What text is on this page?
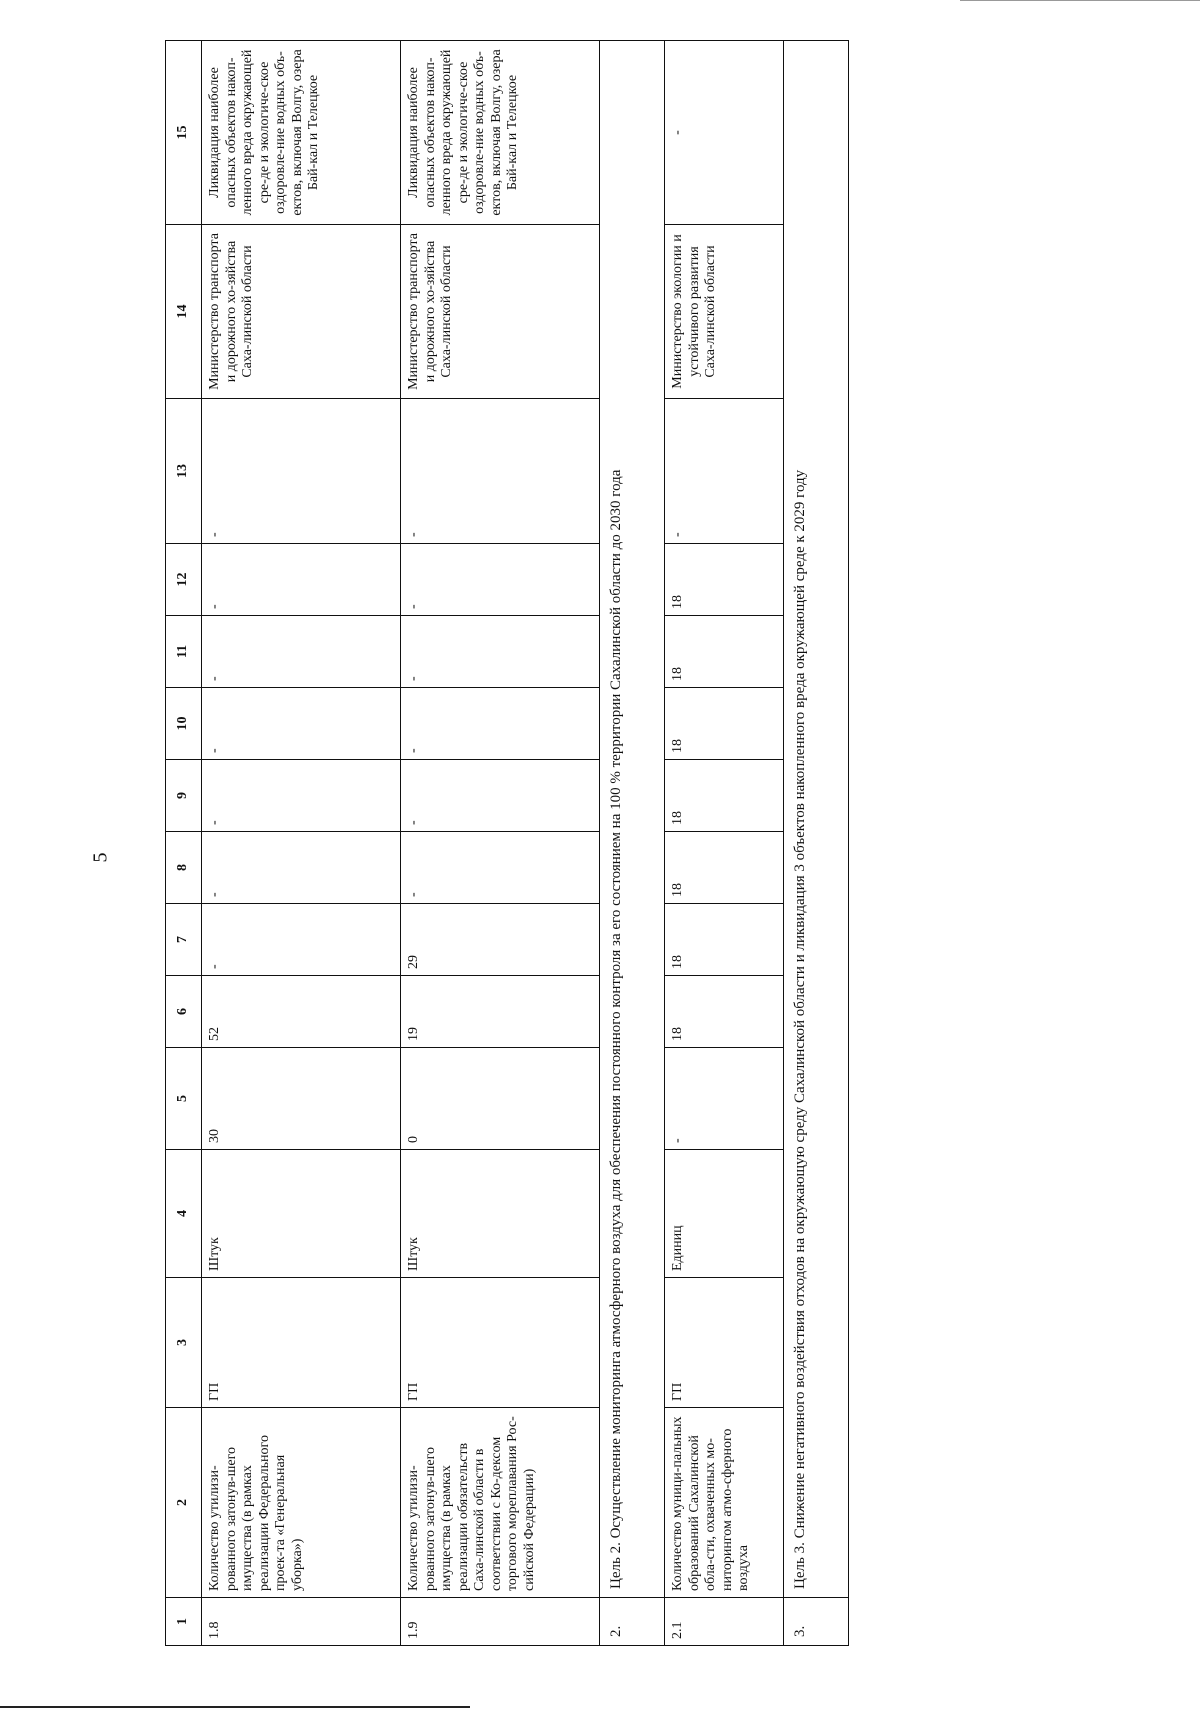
5
1	2	3	4	5	6	7	8	9	10	11	12	13	14	15
1.8	Количество утилизи-рованного затонув-шего имущества (в рамках реализации Федерального проек-та «Генеральная уборка»)	ГП	Штук	30	52	-	-	-	-	-	-	-	Министерство транспорта и дорожного хо-зяйства Саха-линской области	Ликвидация наиболее опасных объектов накоп-ленного вреда окружающей сре-де и экологиче-ское оздоровле-ние водных объ-ектов, включая Волгу, озера Бай-кал и Телецкое
1.9	Количество утилизи-рованного затонув-шего имущества (в рамках реализации обязательств Саха-линской области в соответствии с Ко-дексом торгового мореплавания Рос-сийской Федерации)	ГП	Штук	0	19	29	-	-	-	-	-	-	Министерство транспорта и дорожного хо-зяйства Саха-линской области	Ликвидация наиболее опасных объектов накоп-ленного вреда окружающей сре-де и экологиче-ское оздоровле-ние водных объ-ектов, включая Волгу, озера Бай-кал и Телецкое
2.	Цель 2. Осуществление мониторинга атмосферного воздуха для обеспечения постоянного контроля за его состоянием на 100 % территории Сахалинской области до 2030 года													
2.1	Количество муници-пальных образований Сахалинской обла-сти, охваченных мо-ниторингом атмо-сферного воздуха	ГП	Единиц	-	18	18	18	18	18	18	18	-	Министерство экологии и устойчивого развития Саха-линской области	-
3.	Цель 3. Снижение негативного воздействия отходов на окружающую среду Сахалинской области и ликвидация 3 объектов накопленного вреда окружающей среде к 2029 году													
